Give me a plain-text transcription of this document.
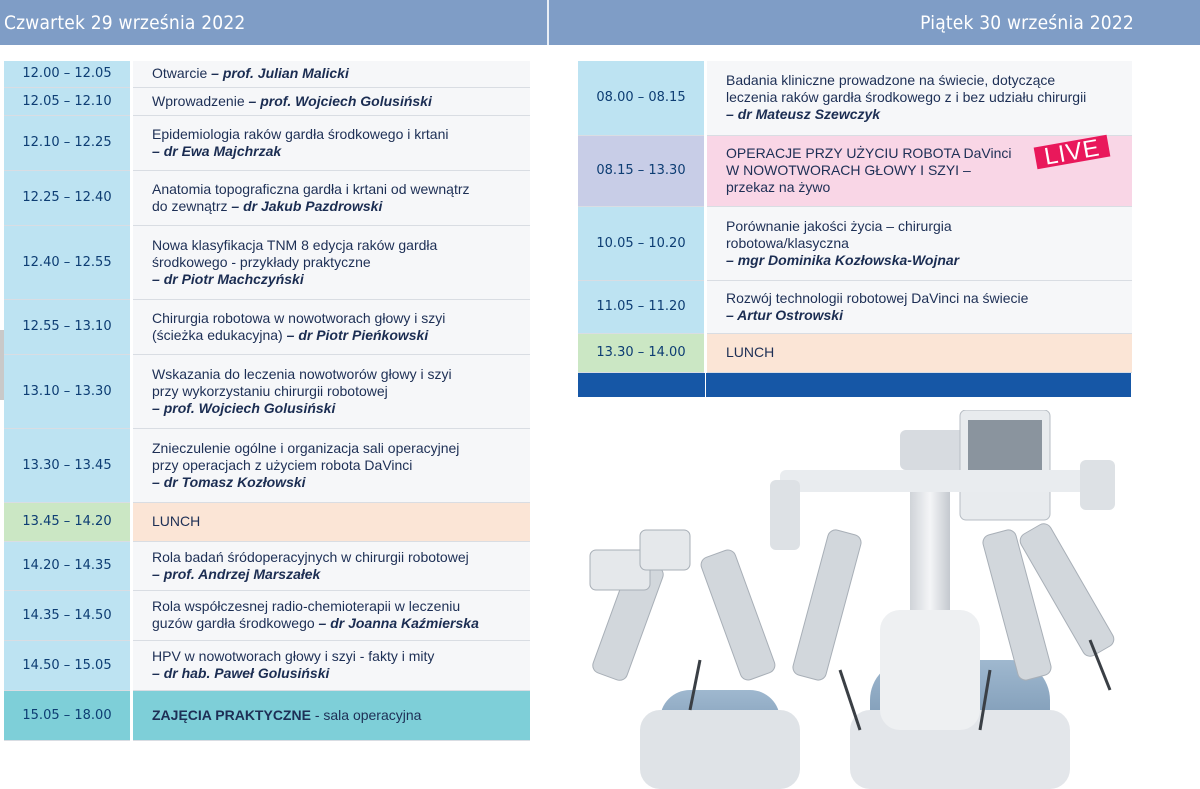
Czwartek 29 września 2022	Piątek 30 września 2022
12.00 – 12.05	Otwarcie – prof. Julian Malicki
12.05 – 12.10	Wprowadzenie – prof. Wojciech Golusiński
12.10 – 12.25	Epidemiologia raków gardła środkowego i krtani
– dr Ewa Majchrzak
12.25 – 12.40	Anatomia topograficzna gardła i krtani od wewnątrz
do zewnątrz – dr Jakub Pazdrowski
12.40 – 12.55	Nowa klasyfikacja TNM 8 edycja raków gardła
środkowego - przykłady praktyczne
– dr Piotr Machczyński
12.55 – 13.10	Chirurgia robotowa w nowotworach głowy i szyi
(ścieżka edukacyjna) – dr Piotr Pieńkowski
13.10 – 13.30	Wskazania do leczenia nowotworów głowy i szyi
przy wykorzystaniu chirurgii robotowej
– prof. Wojciech Golusiński
13.30 – 13.45	Znieczulenie ogólne i organizacja sali operacyjnej
przy operacjach z użyciem robota DaVinci
– dr Tomasz Kozłowski
13.45 – 14.20	LUNCH
14.20 – 14.35	Rola badań śródoperacyjnych w chirurgii robotowej
– prof. Andrzej Marszałek
14.35 – 14.50	Rola współczesnej radio-chemioterapii w leczeniu
guzów gardła środkowego – dr Joanna Kaźmierska
14.50 – 15.05	HPV w nowotworach głowy i szyi - fakty i mity
– dr hab. Paweł Golusiński
15.05 – 18.00	ZAJĘCIA PRAKTYCZNE - sala operacyjna
08.00 – 08.15	Badania kliniczne prowadzone na świecie, dotyczące
leczenia raków gardła środkowego z i bez udziału chirurgii
– dr Mateusz Szewczyk
08.15 – 13.30	OPERACJE PRZY UŻYCIU ROBOTA DaVinci
W NOWOTWORACH GŁOWY I SZYI –
przekaz na żywo
LIVE

10.05 – 10.20	Porównanie jakości życia – chirurgia
robotowa/klasyczna
– mgr Dominika Kozłowska-Wojnar
11.05 – 11.20	Rozwój technologii robotowej DaVinci na świecie
– Artur Ostrowski
13.30 – 14.00	LUNCH
